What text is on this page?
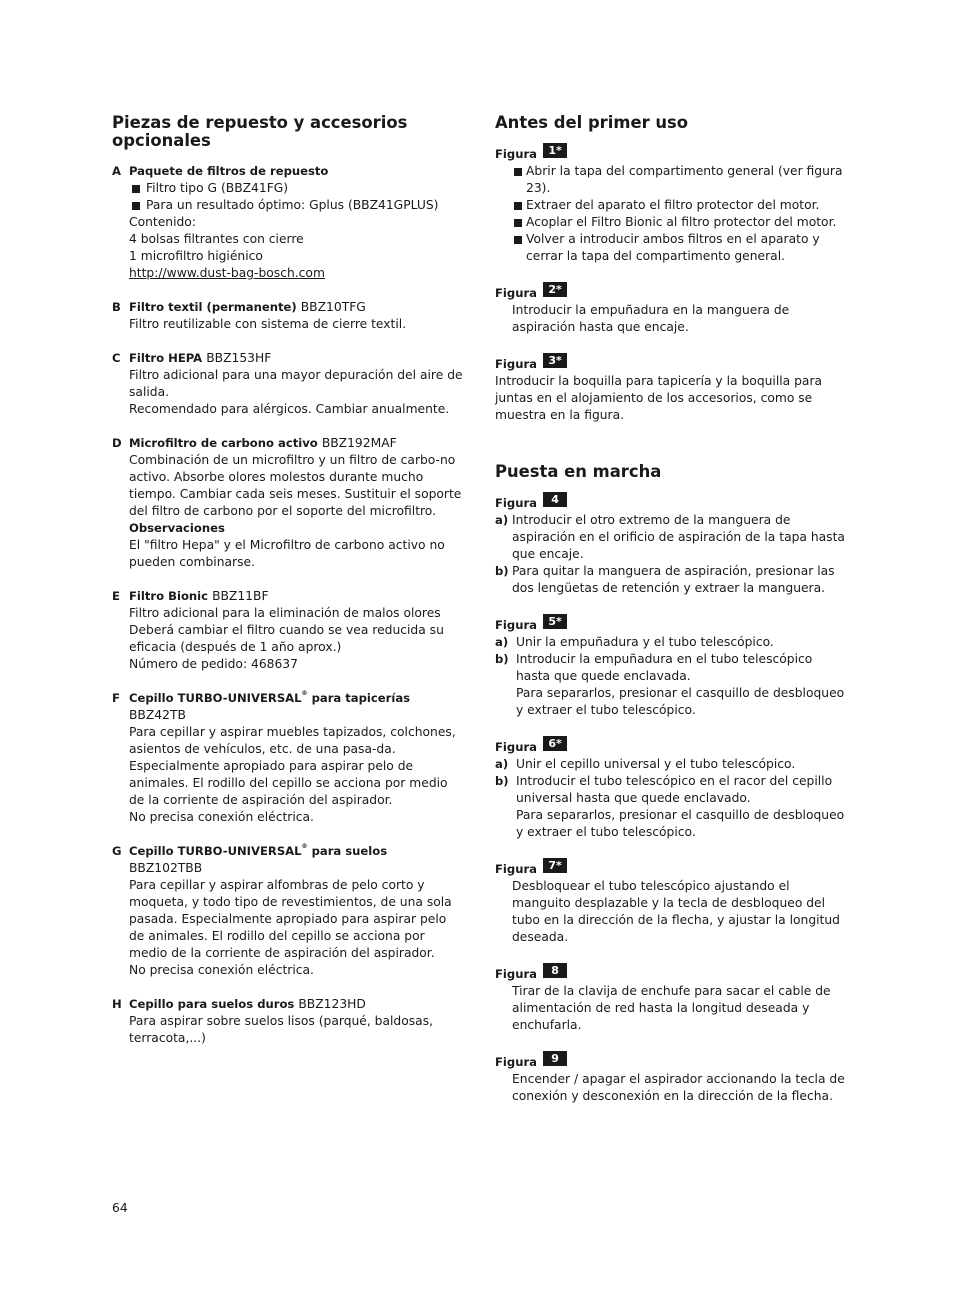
Piezas de repuesto y accesorios opcionales
A Paquete de filtros de repuesto
Filtro tipo G (BBZ41FG)
Para un resultado óptimo: Gplus (BBZ41GPLUS)
Contenido:
4 bolsas filtrantes con cierre
1 microfiltro higiénico
http://www.dust-bag-bosch.com
B Filtro textil (permanente) BBZ10TFG
Filtro reutilizable con sistema de cierre textil.
C Filtro HEPA BBZ153HF
Filtro adicional para una mayor depuración del aire de salida.
Recomendado para alérgicos. Cambiar anualmente.
D Microfiltro de carbono activo BBZ192MAF
Combinación de un microfiltro y un filtro de carbo-no activo. Absorbe olores molestos durante mucho tiempo. Cambiar cada seis meses. Sustituir el soporte del filtro de carbono por el soporte del microfiltro.
Observaciones
El "filtro Hepa" y el Microfiltro de carbono activo no pueden combinarse.
E Filtro Bionic BBZ11BF
Filtro adicional para la eliminación de malos olores Deberá cambiar el filtro cuando se vea reducida su eficacia (después de 1 año aprox.)
Número de pedido: 468637
F Cepillo TURBO-UNIVERSAL® para tapicerías
BBZ42TB
Para cepillar y aspirar muebles tapizados, colchones, asientos de vehículos, etc. de una pasa-da. Especialmente apropiado para aspirar pelo de animales. El rodillo del cepillo se acciona por medio de la corriente de aspiración del aspirador.
No precisa conexión eléctrica.
G Cepillo TURBO-UNIVERSAL® para suelos
BBZ102TBB
Para cepillar y aspirar alfombras de pelo corto y moqueta, y todo tipo de revestimientos, de una sola pasada. Especialmente apropiado para aspirar pelo de animales. El rodillo del cepillo se acciona por medio de la corriente de aspiración del aspirador.
No precisa conexión eléctrica.
H Cepillo para suelos duros BBZ123HD
Para aspirar sobre suelos lisos (parqué, baldosas, terracota,...)
Antes del primer uso
Figura 1*
Abrir la tapa del compartimento general (ver figura 23).
Extraer del aparato el filtro protector del motor.
Acoplar el Filtro Bionic al filtro protector del motor.
Volver a introducir ambos filtros en el aparato y cerrar la tapa del compartimento general.
Figura 2*
Introducir la empuñadura en la manguera de aspiración hasta que encaje.
Figura 3*
Introducir la boquilla para tapicería y la boquilla para juntas en el alojamiento de los accesorios, como se muestra en la figura.
Puesta en marcha
Figura 4
a) Introducir el otro extremo de la manguera de aspiración en el orificio de aspiración de la tapa hasta que encaje.
b) Para quitar la manguera de aspiración, presionar las dos lengüetas de retención y extraer la manguera.
Figura 5*
a) Unir la empuñadura y el tubo telescópico.
b) Introducir la empuñadura en el tubo telescópico hasta que quede enclavada.
Para separarlos, presionar el casquillo de desbloqueo y extraer el tubo telescópico.
Figura 6*
a) Unir el cepillo universal y el tubo telescópico.
b) Introducir el tubo telescópico en el racor del cepillo universal hasta que quede enclavado.
Para separarlos, presionar el casquillo de desbloqueo y extraer el tubo telescópico.
Figura 7*
Desbloquear el tubo telescópico ajustando el manguito desplazable y la tecla de desbloqueo del tubo en la dirección de la flecha, y ajustar la longitud deseada.
Figura 8
Tirar de la clavija de enchufe para sacar el cable de alimentación de red hasta la longitud deseada y enchufarla.
Figura 9
Encender / apagar el aspirador accionando la tecla de conexión y desconexión en la dirección de la flecha.
64
